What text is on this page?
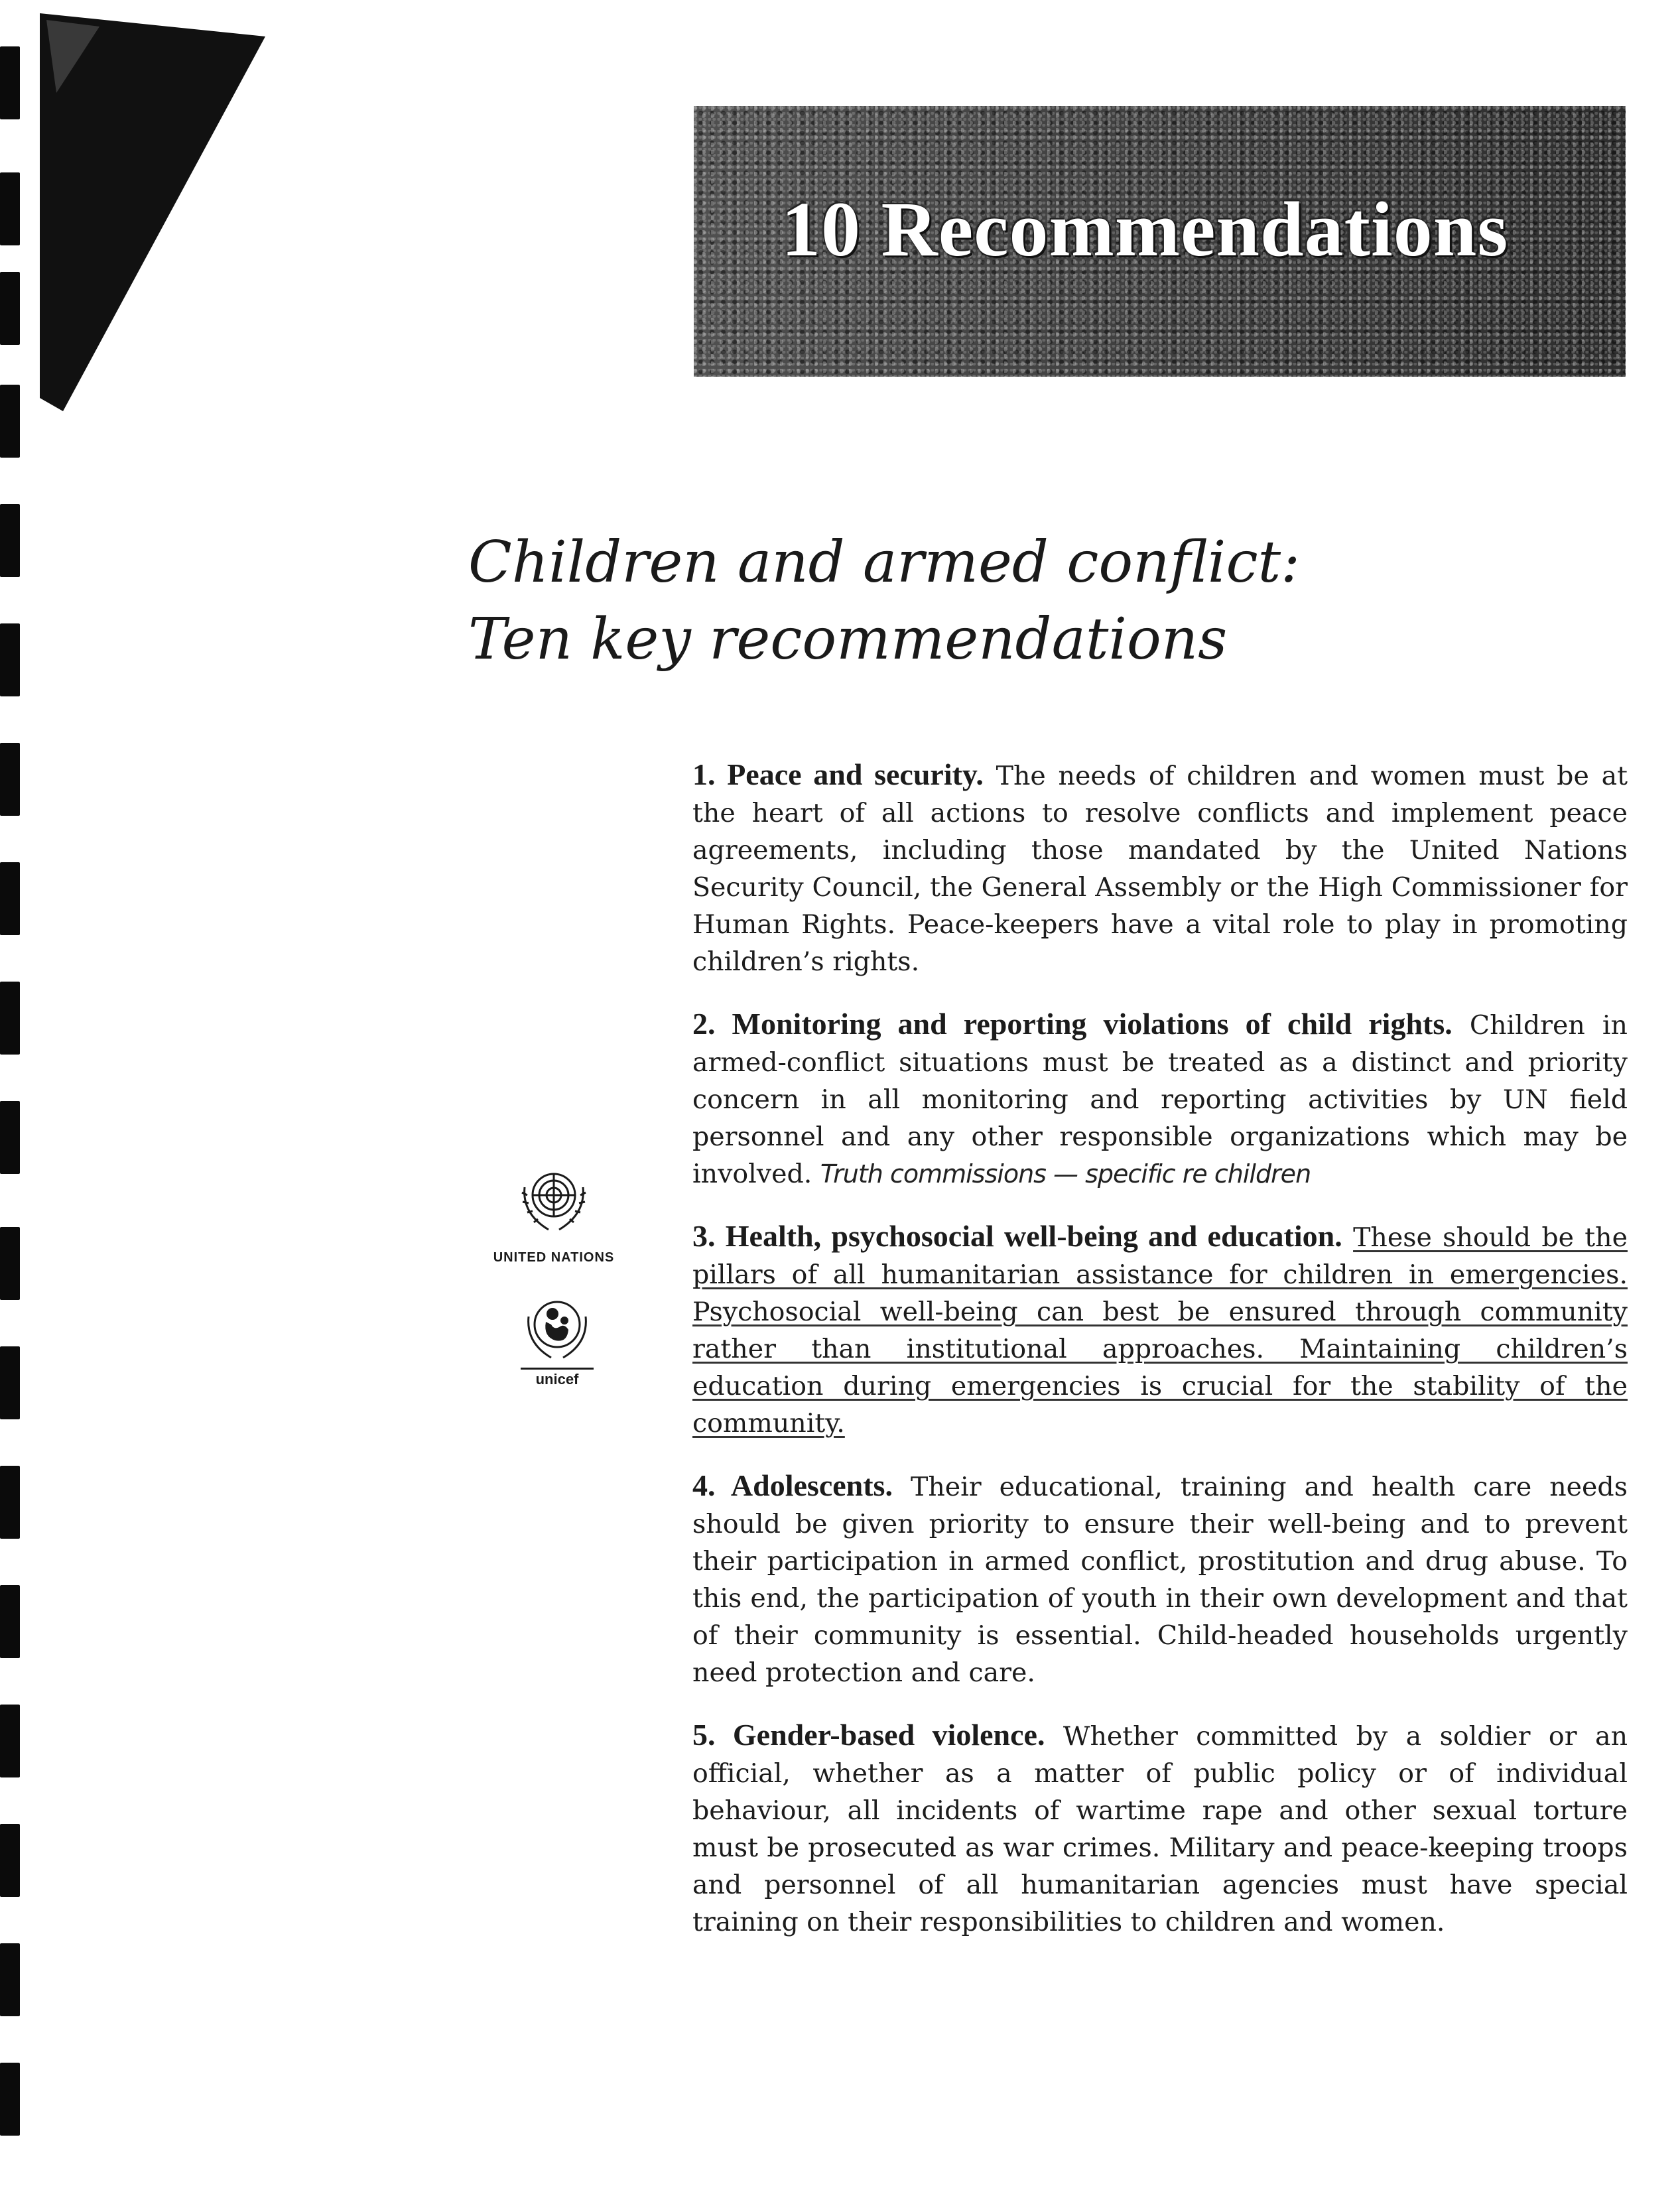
10 Recommendations
Children and armed conflict:
Ten key recommendations
UNITED NATIONS
unicef

1. Peace and security. The needs of children and women must be at the heart of all actions to resolve conflicts and implement peace agreements, including those mandated by the United Nations Security Council, the General Assembly or the High Commissioner for Human Rights. Peace-keepers have a vital role to play in promoting children’s rights.

2. Monitoring and reporting violations of child rights. Children in armed-conflict situations must be treated as a distinct and priority concern in all monitoring and reporting activities by UN field personnel and any other responsible organizations which may be involved. Truth commissions — specific re children

3. Health, psychosocial well-being and education. These should be the pillars of all humanitarian assistance for children in emergencies. Psychosocial well-being can best be ensured through community rather than institutional approaches. Maintaining children’s education during emergencies is crucial for the stability of the community.

4. Adolescents. Their educational, training and health care needs should be given priority to ensure their well-being and to prevent their participation in armed conflict, prostitution and drug abuse. To this end, the participation of youth in their own development and that of their community is essential. Child-headed households urgently need protection and care.

5. Gender-based violence. Whether committed by a soldier or an official, whether as a matter of public policy or of individual behaviour, all incidents of wartime rape and other sexual torture must be prosecuted as war crimes. Military and peace-keeping troops and personnel of all humanitarian agencies must have special training on their responsibilities to children and women.
